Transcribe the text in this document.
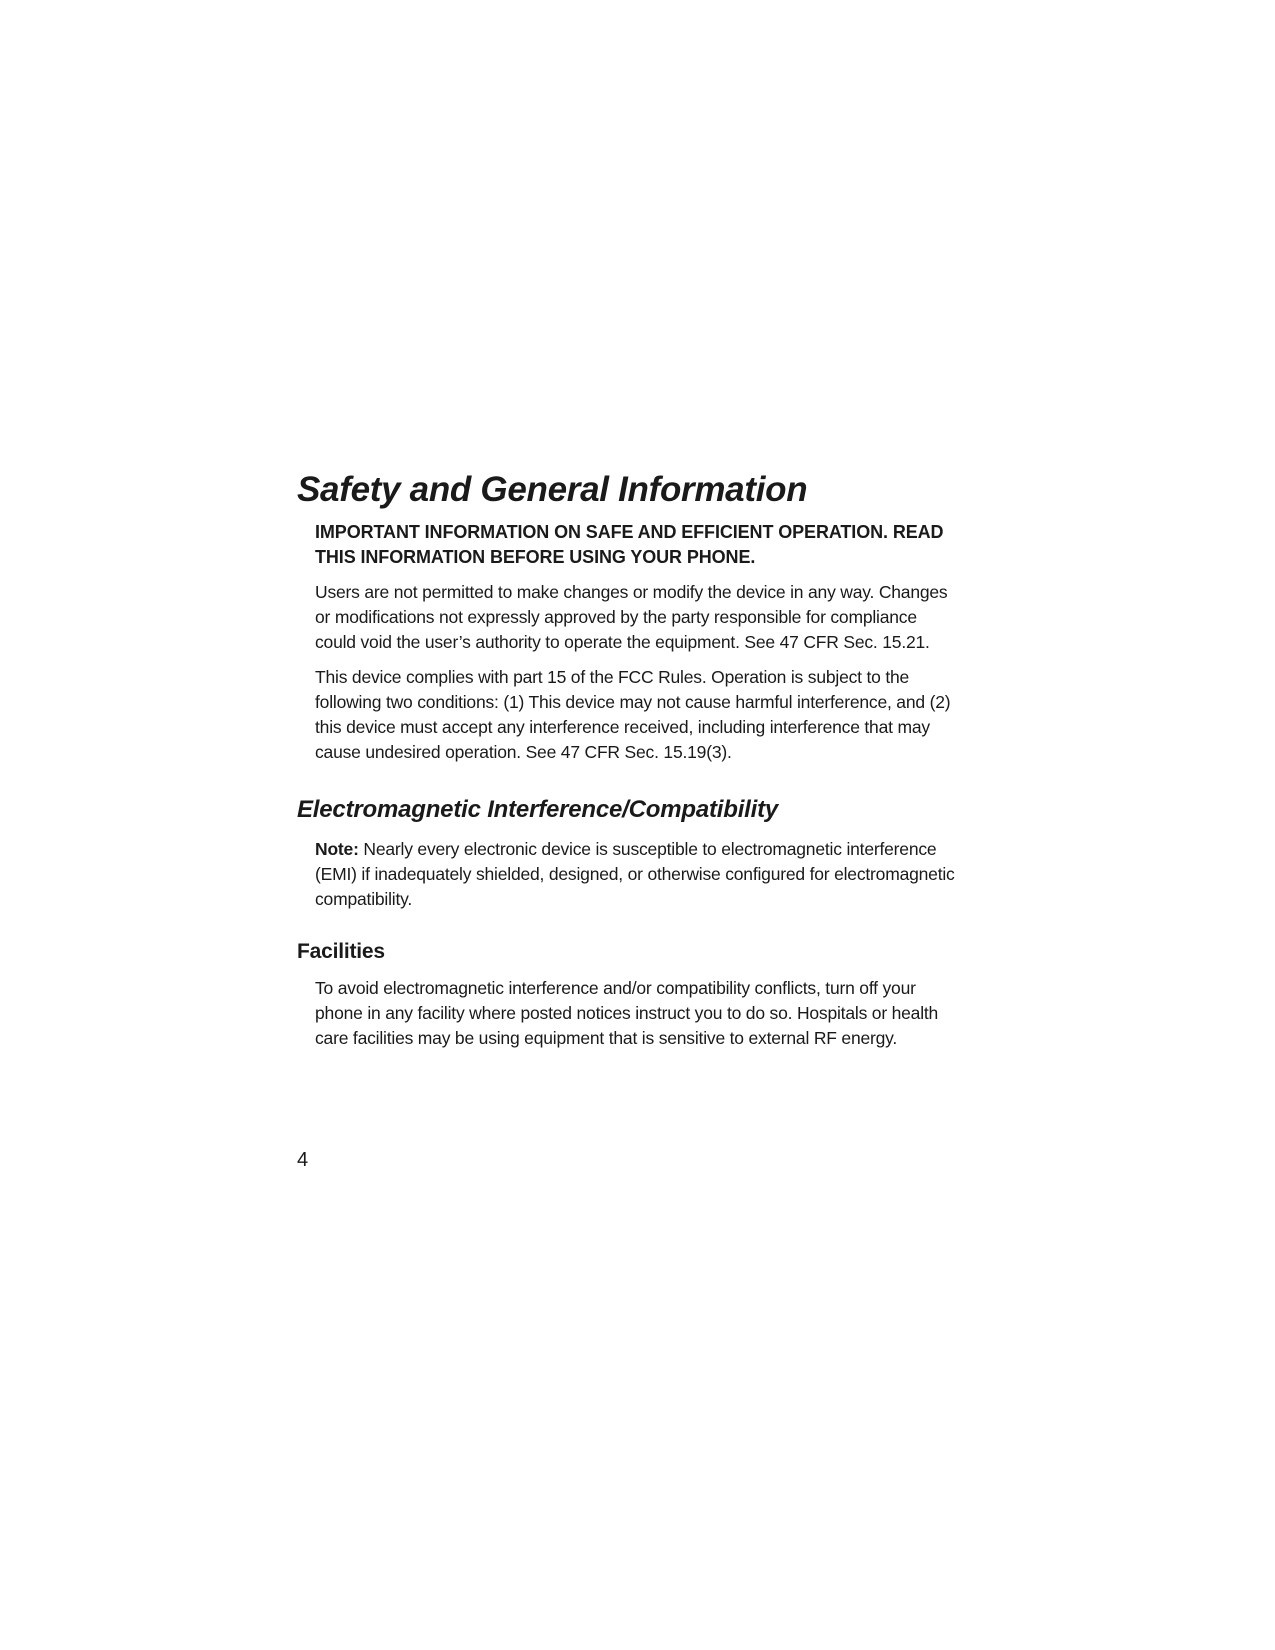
Safety and General Information

IMPORTANT INFORMATION ON SAFE AND EFFICIENT OPERATION. READ THIS INFORMATION BEFORE USING YOUR PHONE.

Users are not permitted to make changes or modify the device in any way. Changes or modifications not expressly approved by the party responsible for compliance could void the user’s authority to operate the equipment. See 47 CFR Sec. 15.21.

This device complies with part 15 of the FCC Rules. Operation is subject to the following two conditions: (1) This device may not cause harmful interference, and (2) this device must accept any interference received, including interference that may cause undesired operation. See 47 CFR Sec. 15.19(3).

Electromagnetic Interference/Compatibility

Note: Nearly every electronic device is susceptible to electromagnetic interference (EMI) if inadequately shielded, designed, or otherwise configured for electromagnetic compatibility.

Facilities

To avoid electromagnetic interference and/or compatibility conflicts, turn off your phone in any facility where posted notices instruct you to do so. Hospitals or health care facilities may be using equipment that is sensitive to external RF energy.

4
